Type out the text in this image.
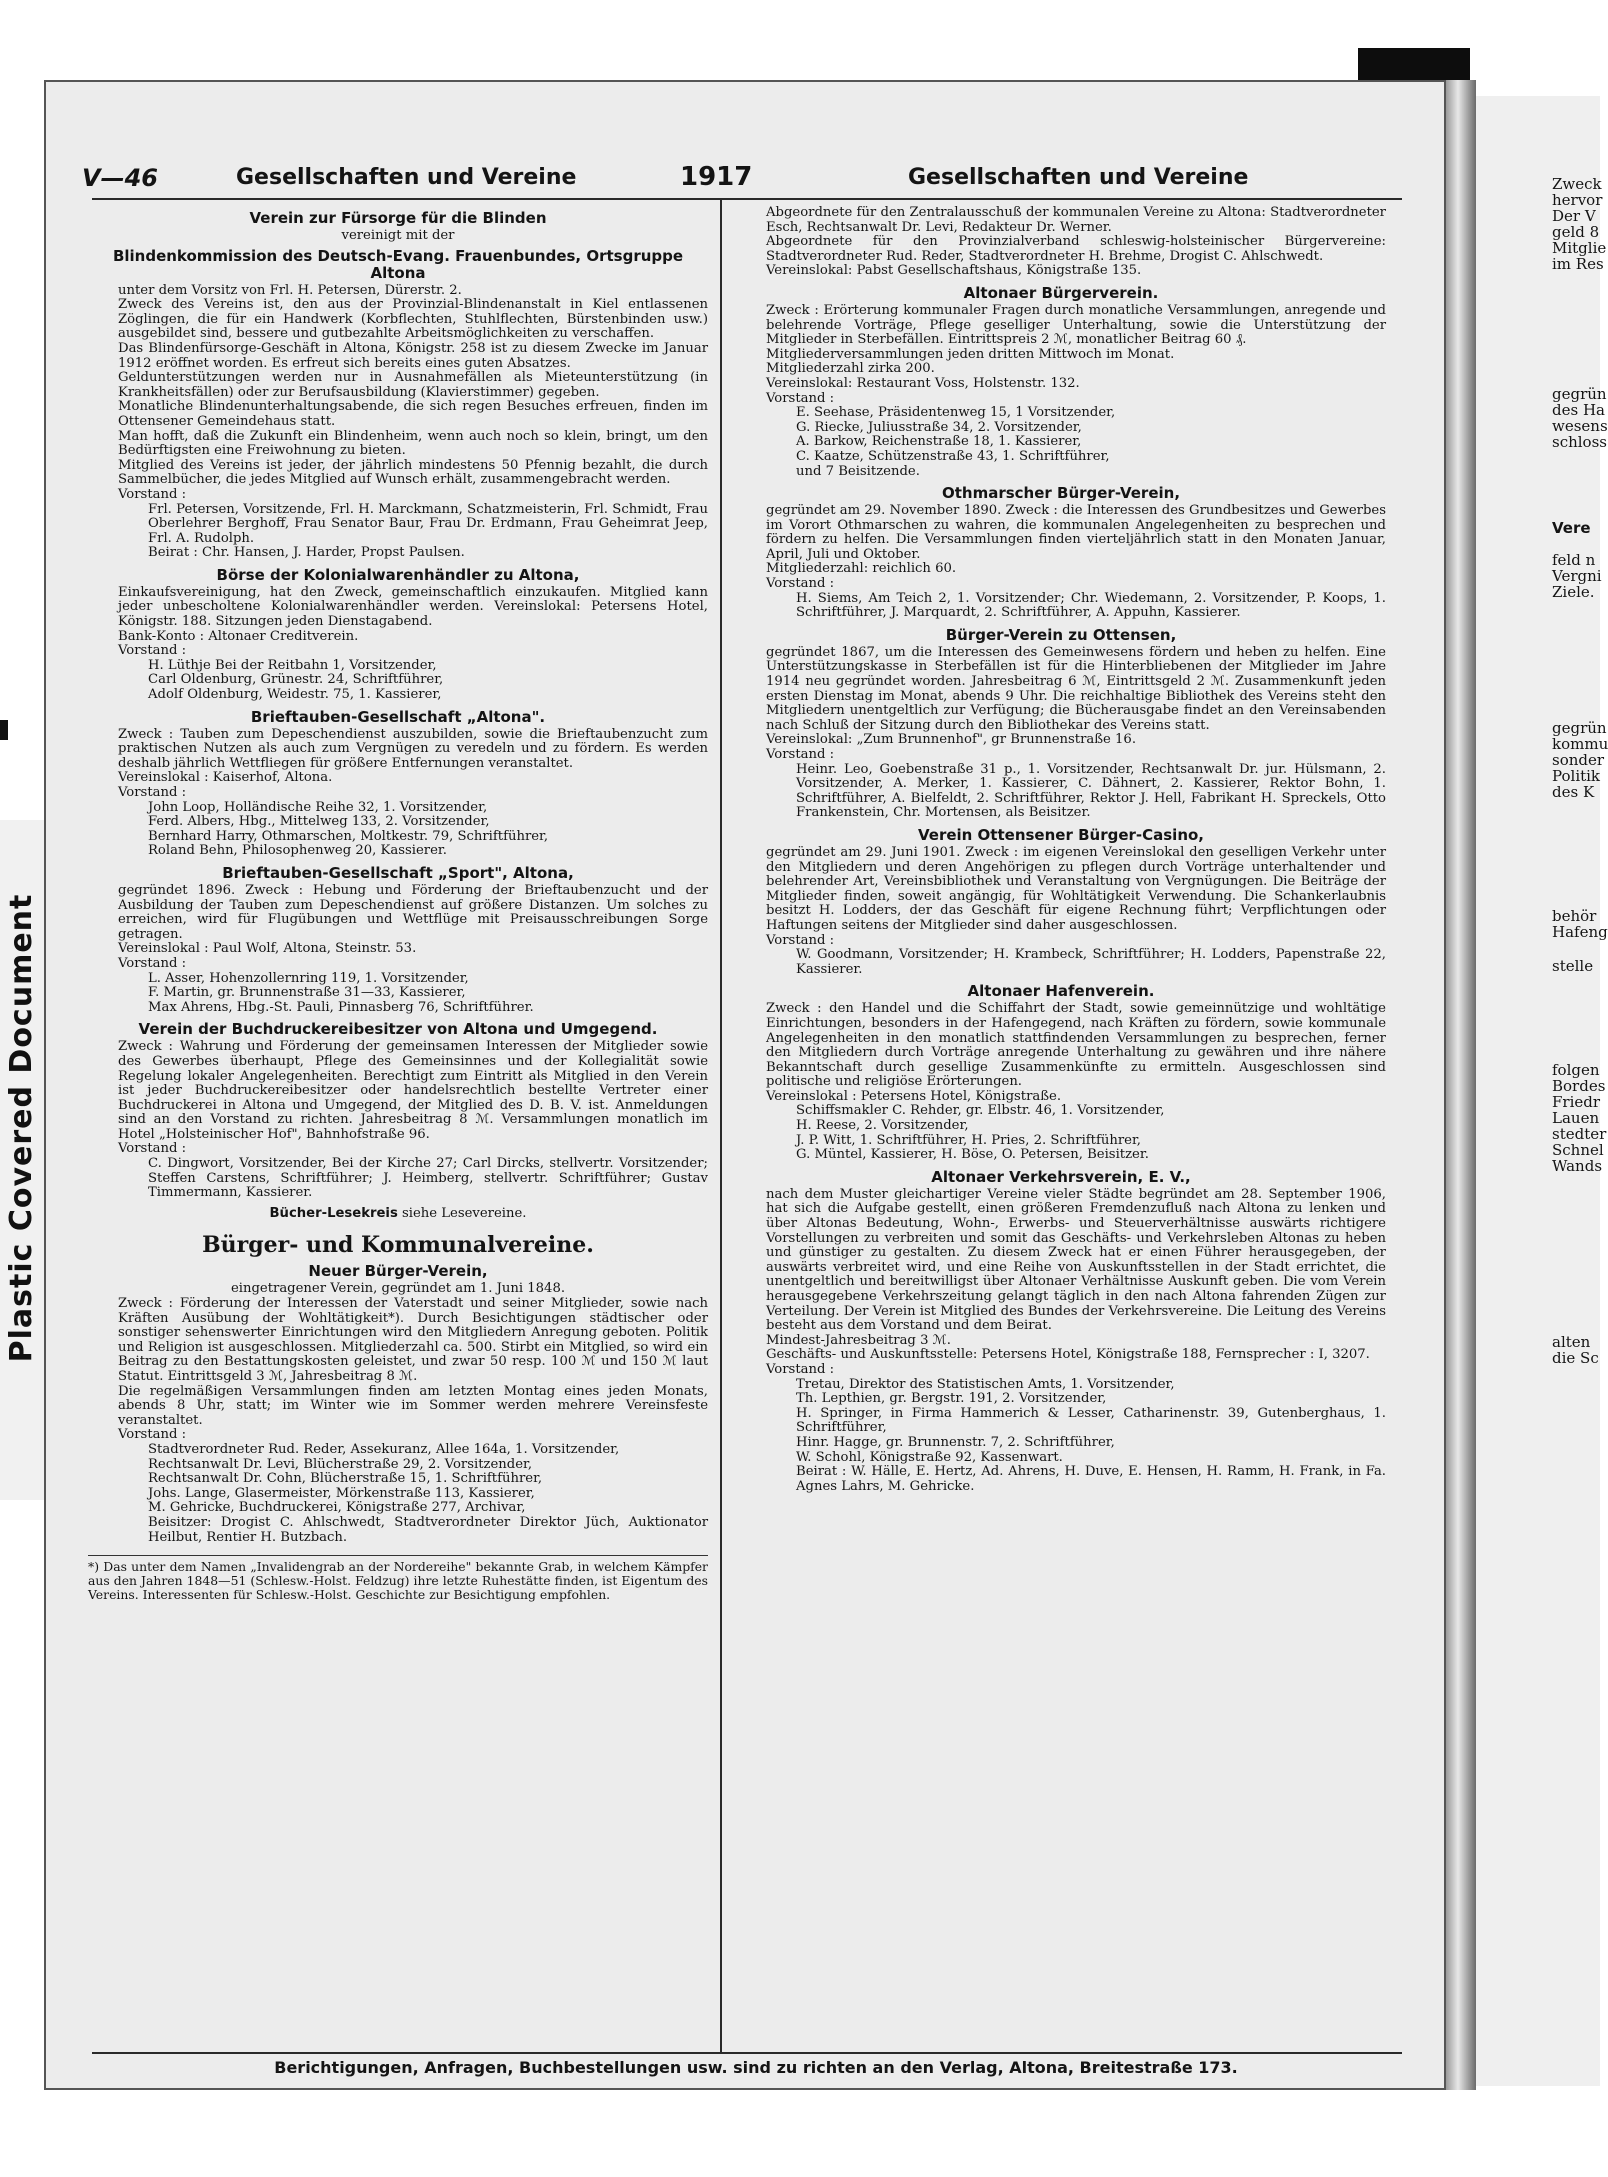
Plastic Covered Document
V—46	Gesellschaften und Vereine	1917	Gesellschaften und Vereine
Verein zur Fürsorge für die Blinden
vereinigt mit der
Blindenkommission des Deutsch-Evang. Frauenbundes, Ortsgruppe Altona
unter dem Vorsitz von Frl. H. Petersen, Dürerstr. 2.
Zweck des Vereins ist, den aus der Provinzial-Blindenanstalt in Kiel entlassenen Zöglingen, die für ein Handwerk (Korbflechten, Stuhlflechten, Bürstenbinden usw.) ausgebildet sind, bessere und gutbezahlte Arbeitsmöglichkeiten zu verschaffen.
Das Blindenfürsorge-Geschäft in Altona, Königstr. 258 ist zu diesem Zwecke im Januar 1912 eröffnet worden. Es erfreut sich bereits eines guten Absatzes.
Geldunterstützungen werden nur in Ausnahmefällen als Mieteunterstützung (in Krankheitsfällen) oder zur Berufsausbildung (Klavierstimmer) gegeben.
Monatliche Blindenunterhaltungsabende, die sich regen Besuches erfreuen, finden im Ottensener Gemeindehaus statt.
Man hofft, daß die Zukunft ein Blindenheim, wenn auch noch so klein, bringt, um den Bedürftigsten eine Freiwohnung zu bieten.
Mitglied des Vereins ist jeder, der jährlich mindestens 50 Pfennig bezahlt, die durch Sammelbücher, die jedes Mitglied auf Wunsch erhält, zusammengebracht werden.
Vorstand :
Frl. Petersen, Vorsitzende, Frl. H. Marckmann, Schatzmeisterin, Frl. Schmidt, Frau Oberlehrer Berghoff, Frau Senator Baur, Frau Dr. Erdmann, Frau Geheimrat Jeep, Frl. A. Rudolph.
Beirat : Chr. Hansen, J. Harder, Propst Paulsen.
Börse der Kolonialwarenhändler zu Altona,
Einkaufsvereinigung, hat den Zweck, gemeinschaftlich einzukaufen. Mitglied kann jeder unbescholtene Kolonialwarenhändler werden. Vereinslokal: Petersens Hotel, Königstr. 188. Sitzungen jeden Dienstagabend.
Bank-Konto : Altonaer Creditverein.
Vorstand :
H. Lüthje Bei der Reitbahn 1, Vorsitzender,
Carl Oldenburg, Grünestr. 24, Schriftführer,
Adolf Oldenburg, Weidestr. 75, 1. Kassierer,
Brieftauben-Gesellschaft „Altona".
Zweck : Tauben zum Depeschendienst auszubilden, sowie die Brieftaubenzucht zum praktischen Nutzen als auch zum Vergnügen zu veredeln und zu fördern. Es werden deshalb jährlich Wettfliegen für größere Entfernungen veranstaltet.
Vereinslokal : Kaiserhof, Altona.
Vorstand :
John Loop, Holländische Reihe 32, 1. Vorsitzender,
Ferd. Albers, Hbg., Mittelweg 133, 2. Vorsitzender,
Bernhard Harry, Othmarschen, Moltkestr. 79, Schriftführer,
Roland Behn, Philosophenweg 20, Kassierer.
Brieftauben-Gesellschaft „Sport", Altona,
gegründet 1896. Zweck : Hebung und Förderung der Brieftaubenzucht und der Ausbildung der Tauben zum Depeschendienst auf größere Distanzen. Um solches zu erreichen, wird für Flugübungen und Wettflüge mit Preisausschreibungen Sorge getragen.
Vereinslokal : Paul Wolf, Altona, Steinstr. 53.
Vorstand :
L. Asser, Hohenzollernring 119, 1. Vorsitzender,
F. Martin, gr. Brunnenstraße 31—33, Kassierer,
Max Ahrens, Hbg.-St. Pauli, Pinnasberg 76, Schriftführer.
Verein der Buchdruckereibesitzer von Altona und Umgegend.
Zweck : Wahrung und Förderung der gemeinsamen Interessen der Mitglieder sowie des Gewerbes überhaupt, Pflege des Gemeinsinnes und der Kollegialität sowie Regelung lokaler Angelegenheiten. Berechtigt zum Eintritt als Mitglied in den Verein ist jeder Buchdruckereibesitzer oder handelsrechtlich bestellte Vertreter einer Buchdruckerei in Altona und Umgegend, der Mitglied des D. B. V. ist. Anmeldungen sind an den Vorstand zu richten. Jahresbeitrag 8 ℳ. Versammlungen monatlich im Hotel „Holsteinischer Hof", Bahnhofstraße 96.
Vorstand :
C. Dingwort, Vorsitzender, Bei der Kirche 27; Carl Dircks, stellvertr. Vorsitzender; Steffen Carstens, Schriftführer; J. Heimberg, stellvertr. Schriftführer; Gustav Timmermann, Kassierer.
Bücher-Lesekreis siehe Lesevereine.
Bürger- und Kommunalvereine.
Neuer Bürger-Verein,
eingetragener Verein, gegründet am 1. Juni 1848.
Zweck : Förderung der Interessen der Vaterstadt und seiner Mitglieder, sowie nach Kräften Ausübung der Wohltätigkeit*). Durch Besichtigungen städtischer oder sonstiger sehenswerter Einrichtungen wird den Mitgliedern Anregung geboten. Politik und Religion ist ausgeschlossen. Mitgliederzahl ca. 500. Stirbt ein Mitglied, so wird ein Beitrag zu den Bestattungskosten geleistet, und zwar 50 resp. 100 ℳ und 150 ℳ laut Statut. Eintrittsgeld 3 ℳ, Jahresbeitrag 8 ℳ.
Die regelmäßigen Versammlungen finden am letzten Montag eines jeden Monats, abends 8 Uhr, statt; im Winter wie im Sommer werden mehrere Vereinsfeste veranstaltet.
Vorstand :
Stadtverordneter Rud. Reder, Assekuranz, Allee 164a, 1. Vorsitzender,
Rechtsanwalt Dr. Levi, Blücherstraße 29, 2. Vorsitzender,
Rechtsanwalt Dr. Cohn, Blücherstraße 15, 1. Schriftführer,
Johs. Lange, Glasermeister, Mörkenstraße 113, Kassierer,
M. Gehricke, Buchdruckerei, Königstraße 277, Archivar,
Beisitzer: Drogist C. Ahlschwedt, Stadtverordneter Direktor Jüch, Auktionator Heilbut, Rentier H. Butzbach.
*) Das unter dem Namen „Invalidengrab an der Nordereihe" bekannte Grab, in welchem Kämpfer aus den Jahren 1848—51 (Schlesw.-Holst. Feldzug) ihre letzte Ruhestätte finden, ist Eigentum des Vereins. Interessenten für Schlesw.-Holst. Geschichte zur Besichtigung empfohlen.
Abgeordnete für den Zentralausschuß der kommunalen Vereine zu Altona: Stadtverordneter Esch, Rechtsanwalt Dr. Levi, Redakteur Dr. Werner.
Abgeordnete für den Provinzialverband schleswig-holsteinischer Bürgervereine: Stadtverordneter Rud. Reder, Stadtverordneter H. Brehme, Drogist C. Ahlschwedt.
Vereinslokal: Pabst Gesellschaftshaus, Königstraße 135.
Altonaer Bürgerverein.
Zweck : Erörterung kommunaler Fragen durch monatliche Versammlungen, anregende und belehrende Vorträge, Pflege geselliger Unterhaltung, sowie die Unterstützung der Mitglieder in Sterbefällen. Eintrittspreis 2 ℳ, monatlicher Beitrag 60 ₰.
Mitgliederversammlungen jeden dritten Mittwoch im Monat.
Mitgliederzahl zirka 200.
Vereinslokal: Restaurant Voss, Holstenstr. 132.
Vorstand :
E. Seehase, Präsidentenweg 15, 1 Vorsitzender,
G. Riecke, Juliusstraße 34, 2. Vorsitzender,
A. Barkow, Reichenstraße 18, 1. Kassierer,
C. Kaatze, Schützenstraße 43, 1. Schriftführer,
und 7 Beisitzende.
Othmarscher Bürger-Verein,
gegründet am 29. November 1890. Zweck : die Interessen des Grundbesitzes und Gewerbes im Vorort Othmarschen zu wahren, die kommunalen Angelegenheiten zu besprechen und fördern zu helfen. Die Versammlungen finden vierteljährlich statt in den Monaten Januar, April, Juli und Oktober.
Mitgliederzahl: reichlich 60.
Vorstand :
H. Siems, Am Teich 2, 1. Vorsitzender; Chr. Wiedemann, 2. Vorsitzender, P. Koops, 1. Schriftführer, J. Marquardt, 2. Schriftführer, A. Appuhn, Kassierer.
Bürger-Verein zu Ottensen,
gegründet 1867, um die Interessen des Gemeinwesens fördern und heben zu helfen. Eine Unterstützungskasse in Sterbefällen ist für die Hinterbliebenen der Mitglieder im Jahre 1914 neu gegründet worden. Jahresbeitrag 6 ℳ, Eintrittsgeld 2 ℳ. Zusammenkunft jeden ersten Dienstag im Monat, abends 9 Uhr. Die reichhaltige Bibliothek des Vereins steht den Mitgliedern unentgeltlich zur Verfügung; die Bücherausgabe findet an den Vereinsabenden nach Schluß der Sitzung durch den Bibliothekar des Vereins statt.
Vereinslokal: „Zum Brunnenhof", gr Brunnenstraße 16.
Vorstand :
Heinr. Leo, Goebenstraße 31 p., 1. Vorsitzender, Rechtsanwalt Dr. jur. Hülsmann, 2. Vorsitzender, A. Merker, 1. Kassierer, C. Dähnert, 2. Kassierer, Rektor Bohn, 1. Schriftführer, A. Bielfeldt, 2. Schriftführer, Rektor J. Hell, Fabrikant H. Spreckels, Otto Frankenstein, Chr. Mortensen, als Beisitzer.
Verein Ottensener Bürger-Casino,
gegründet am 29. Juni 1901. Zweck : im eigenen Vereinslokal den geselligen Verkehr unter den Mitgliedern und deren Angehörigen zu pflegen durch Vorträge unterhaltender und belehrender Art, Vereinsbibliothek und Veranstaltung von Vergnügungen. Die Beiträge der Mitglieder finden, soweit angängig, für Wohltätigkeit Verwendung. Die Schankerlaubnis besitzt H. Lodders, der das Geschäft für eigene Rechnung führt; Verpflichtungen oder Haftungen seitens der Mitglieder sind daher ausgeschlossen.
Vorstand :
W. Goodmann, Vorsitzender; H. Krambeck, Schriftführer; H. Lodders, Papenstraße 22, Kassierer.
Altonaer Hafenverein.
Zweck : den Handel und die Schiffahrt der Stadt, sowie gemeinnützige und wohltätige Einrichtungen, besonders in der Hafengegend, nach Kräften zu fördern, sowie kommunale Angelegenheiten in den monatlich stattfindenden Versammlungen zu besprechen, ferner den Mitgliedern durch Vorträge anregende Unterhaltung zu gewähren und ihre nähere Bekanntschaft durch gesellige Zusammenkünfte zu ermitteln. Ausgeschlossen sind politische und religiöse Erörterungen.
Vereinslokal : Petersens Hotel, Königstraße.
Schiffsmakler C. Rehder, gr. Elbstr. 46, 1. Vorsitzender,
H. Reese, 2. Vorsitzender,
J. P. Witt, 1. Schriftführer, H. Pries, 2. Schriftführer,
G. Müntel, Kassierer, H. Böse, O. Petersen, Beisitzer.
Altonaer Verkehrsverein, E. V.,
nach dem Muster gleichartiger Vereine vieler Städte begründet am 28. September 1906, hat sich die Aufgabe gestellt, einen größeren Fremdenzufluß nach Altona zu lenken und über Altonas Bedeutung, Wohn-, Erwerbs- und Steuerverhältnisse auswärts richtigere Vorstellungen zu verbreiten und somit das Geschäfts- und Verkehrsleben Altonas zu heben und günstiger zu gestalten. Zu diesem Zweck hat er einen Führer herausgegeben, der auswärts verbreitet wird, und eine Reihe von Auskunftsstellen in der Stadt errichtet, die unentgeltlich und bereitwilligst über Altonaer Verhältnisse Auskunft geben. Die vom Verein herausgegebene Verkehrszeitung gelangt täglich in den nach Altona fahrenden Zügen zur Verteilung. Der Verein ist Mitglied des Bundes der Verkehrsvereine. Die Leitung des Vereins besteht aus dem Vorstand und dem Beirat.
Mindest-Jahresbeitrag 3 ℳ.
Geschäfts- und Auskunftsstelle: Petersens Hotel, Königstraße 188, Fernsprecher : I, 3207.
Vorstand :
Tretau, Direktor des Statistischen Amts, 1. Vorsitzender,
Th. Lepthien, gr. Bergstr. 191, 2. Vorsitzender,
H. Springer, in Firma Hammerich & Lesser, Catharinenstr. 39, Gutenberghaus, 1. Schriftführer,
Hinr. Hagge, gr. Brunnenstr. 7, 2. Schriftführer,
W. Schohl, Königstraße 92, Kassenwart.
Beirat : W. Hälle, E. Hertz, Ad. Ahrens, H. Duve, E. Hensen, H. Ramm, H. Frank, in Fa. Agnes Lahrs, M. Gehricke.
Berichtigungen, Anfragen, Buchbestellungen usw. sind zu richten an den Verlag, Altona, Breitestraße 173.
Zweck
hervor
Der V
geld 8
Mitglie
im Res
gegrün
des Ha
wesens
schloss
Vere
feld n
Vergni
Ziele.
gegrün
kommu
sonder
Politik
des K
behör
Hafeng
stelle
folgen
Bordes
Friedr
Lauen
stedter
Schnel
Wands
alten
die Sc
